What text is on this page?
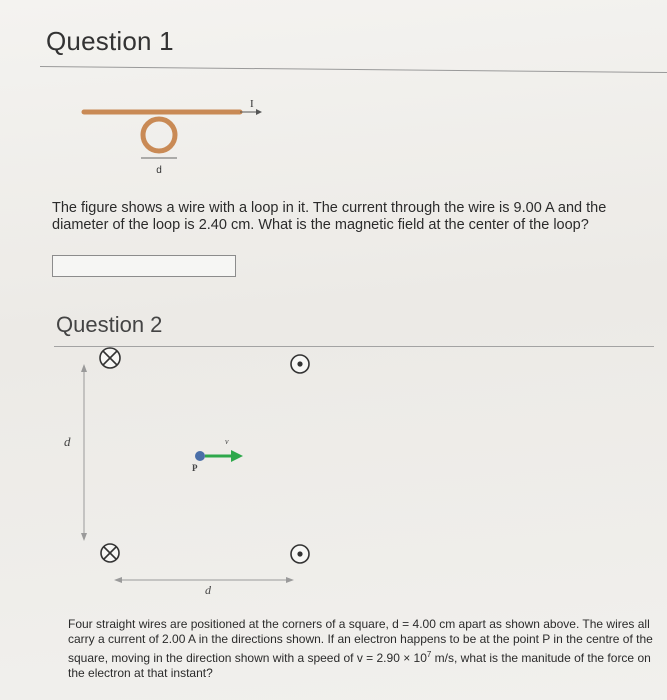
Question 1
I
d
The figure shows a wire with a loop in it. The current through the wire is 9.00 A and the diameter of the loop is 2.40 cm. What is the magnetic field at the center of the loop?
Question 2
d
d
v
P
Four straight wires are positioned at the corners of a square, d = 4.00 cm apart as shown above. The wires all carry a current of 2.00 A in the directions shown. If an electron happens to be at the point P in the centre of the square, moving in the direction shown with a speed of $v = 2.90 \times 10^7$ m/s, what is the manitude of the force on the electron at that instant?
